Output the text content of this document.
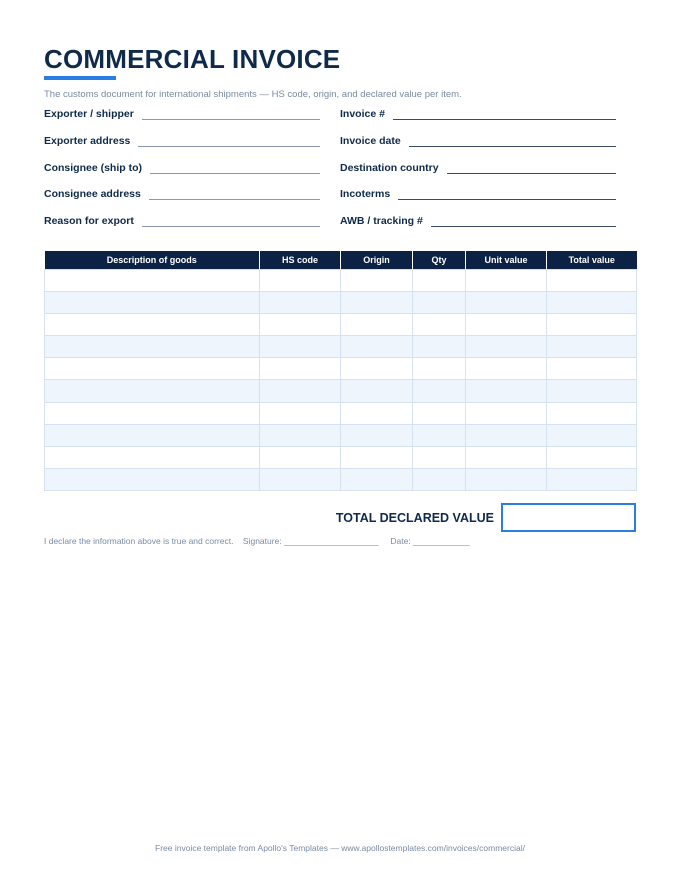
COMMERCIAL INVOICE

The customs document for international shipments — HS code, origin, and declared value per item.

Exporter / shipper
Exporter address
Consignee (ship to)
Consignee address
Reason for export
Invoice #
Invoice date
Destination country
Incoterms
AWB / tracking #
Description of goods	HS code	Origin	Qty	Unit value	Total value

TOTAL DECLARED VALUE
I declare the information above is true and correct.    Signature: ____________________     Date: ____________
Free invoice template from Apollo's Templates — www.apollostemplates.com/invoices/commercial/
